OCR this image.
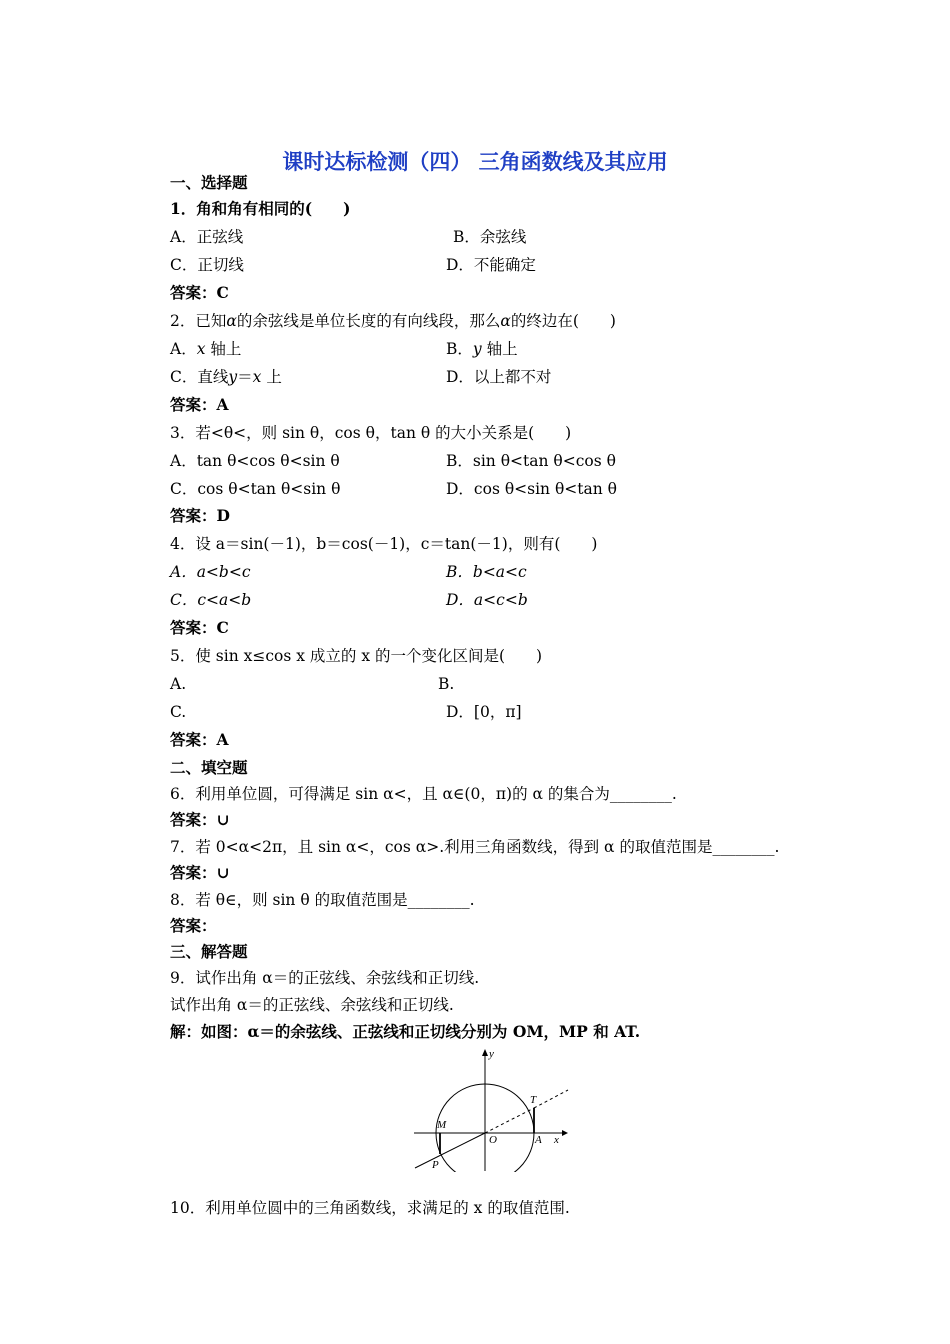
课时达标检测（四） 三角函数线及其应用
一、选择题
1．角和角有相同的(　　)
A．正弦线	B．余弦线
C．正切线	D．不能确定
答案：C
2．已知α的余弦线是单位长度的有向线段，那么α的终边在(　　)
A．x 轴上	B．y 轴上
C．直线y＝x 上	D．以上都不对
答案：A
3．若<θ<，则 sin θ，cos θ，tan θ 的大小关系是(　　)
A．tan θ<cos θ<sin θ	B．sin θ<tan θ<cos θ
C．cos θ<tan θ<sin θ	D．cos θ<sin θ<tan θ
答案：D
4．设 a＝sin(－1)，b＝cos(－1)，c＝tan(－1)，则有(　　)
A．a<b<c	B．b<a<c
C．c<a<b	D．a<c<b
答案：C
5．使 sin x≤cos x 成立的 x 的一个变化区间是(　　)
A.	B.
C.	D．[0，π]
答案：A
二、填空题
6．利用单位圆，可得满足 sin α<，且 α∈(0，π)的 α 的集合为________.
答案：∪
7．若 0<α<2π，且 sin α<，cos α>.利用三角函数线，得到 α 的取值范围是________.
答案：∪
8．若 θ∈，则 sin θ 的取值范围是________.
答案：
三、解答题
9．试作出角 α＝的正弦线、余弦线和正切线.
试作出角 α＝的正弦线、余弦线和正切线.
解：如图：α＝的余弦线、正弦线和正切线分别为 OM，MP 和 AT.
y
x
O	A
T
M
P
10．利用单位圆中的三角函数线，求满足的 x 的取值范围.
